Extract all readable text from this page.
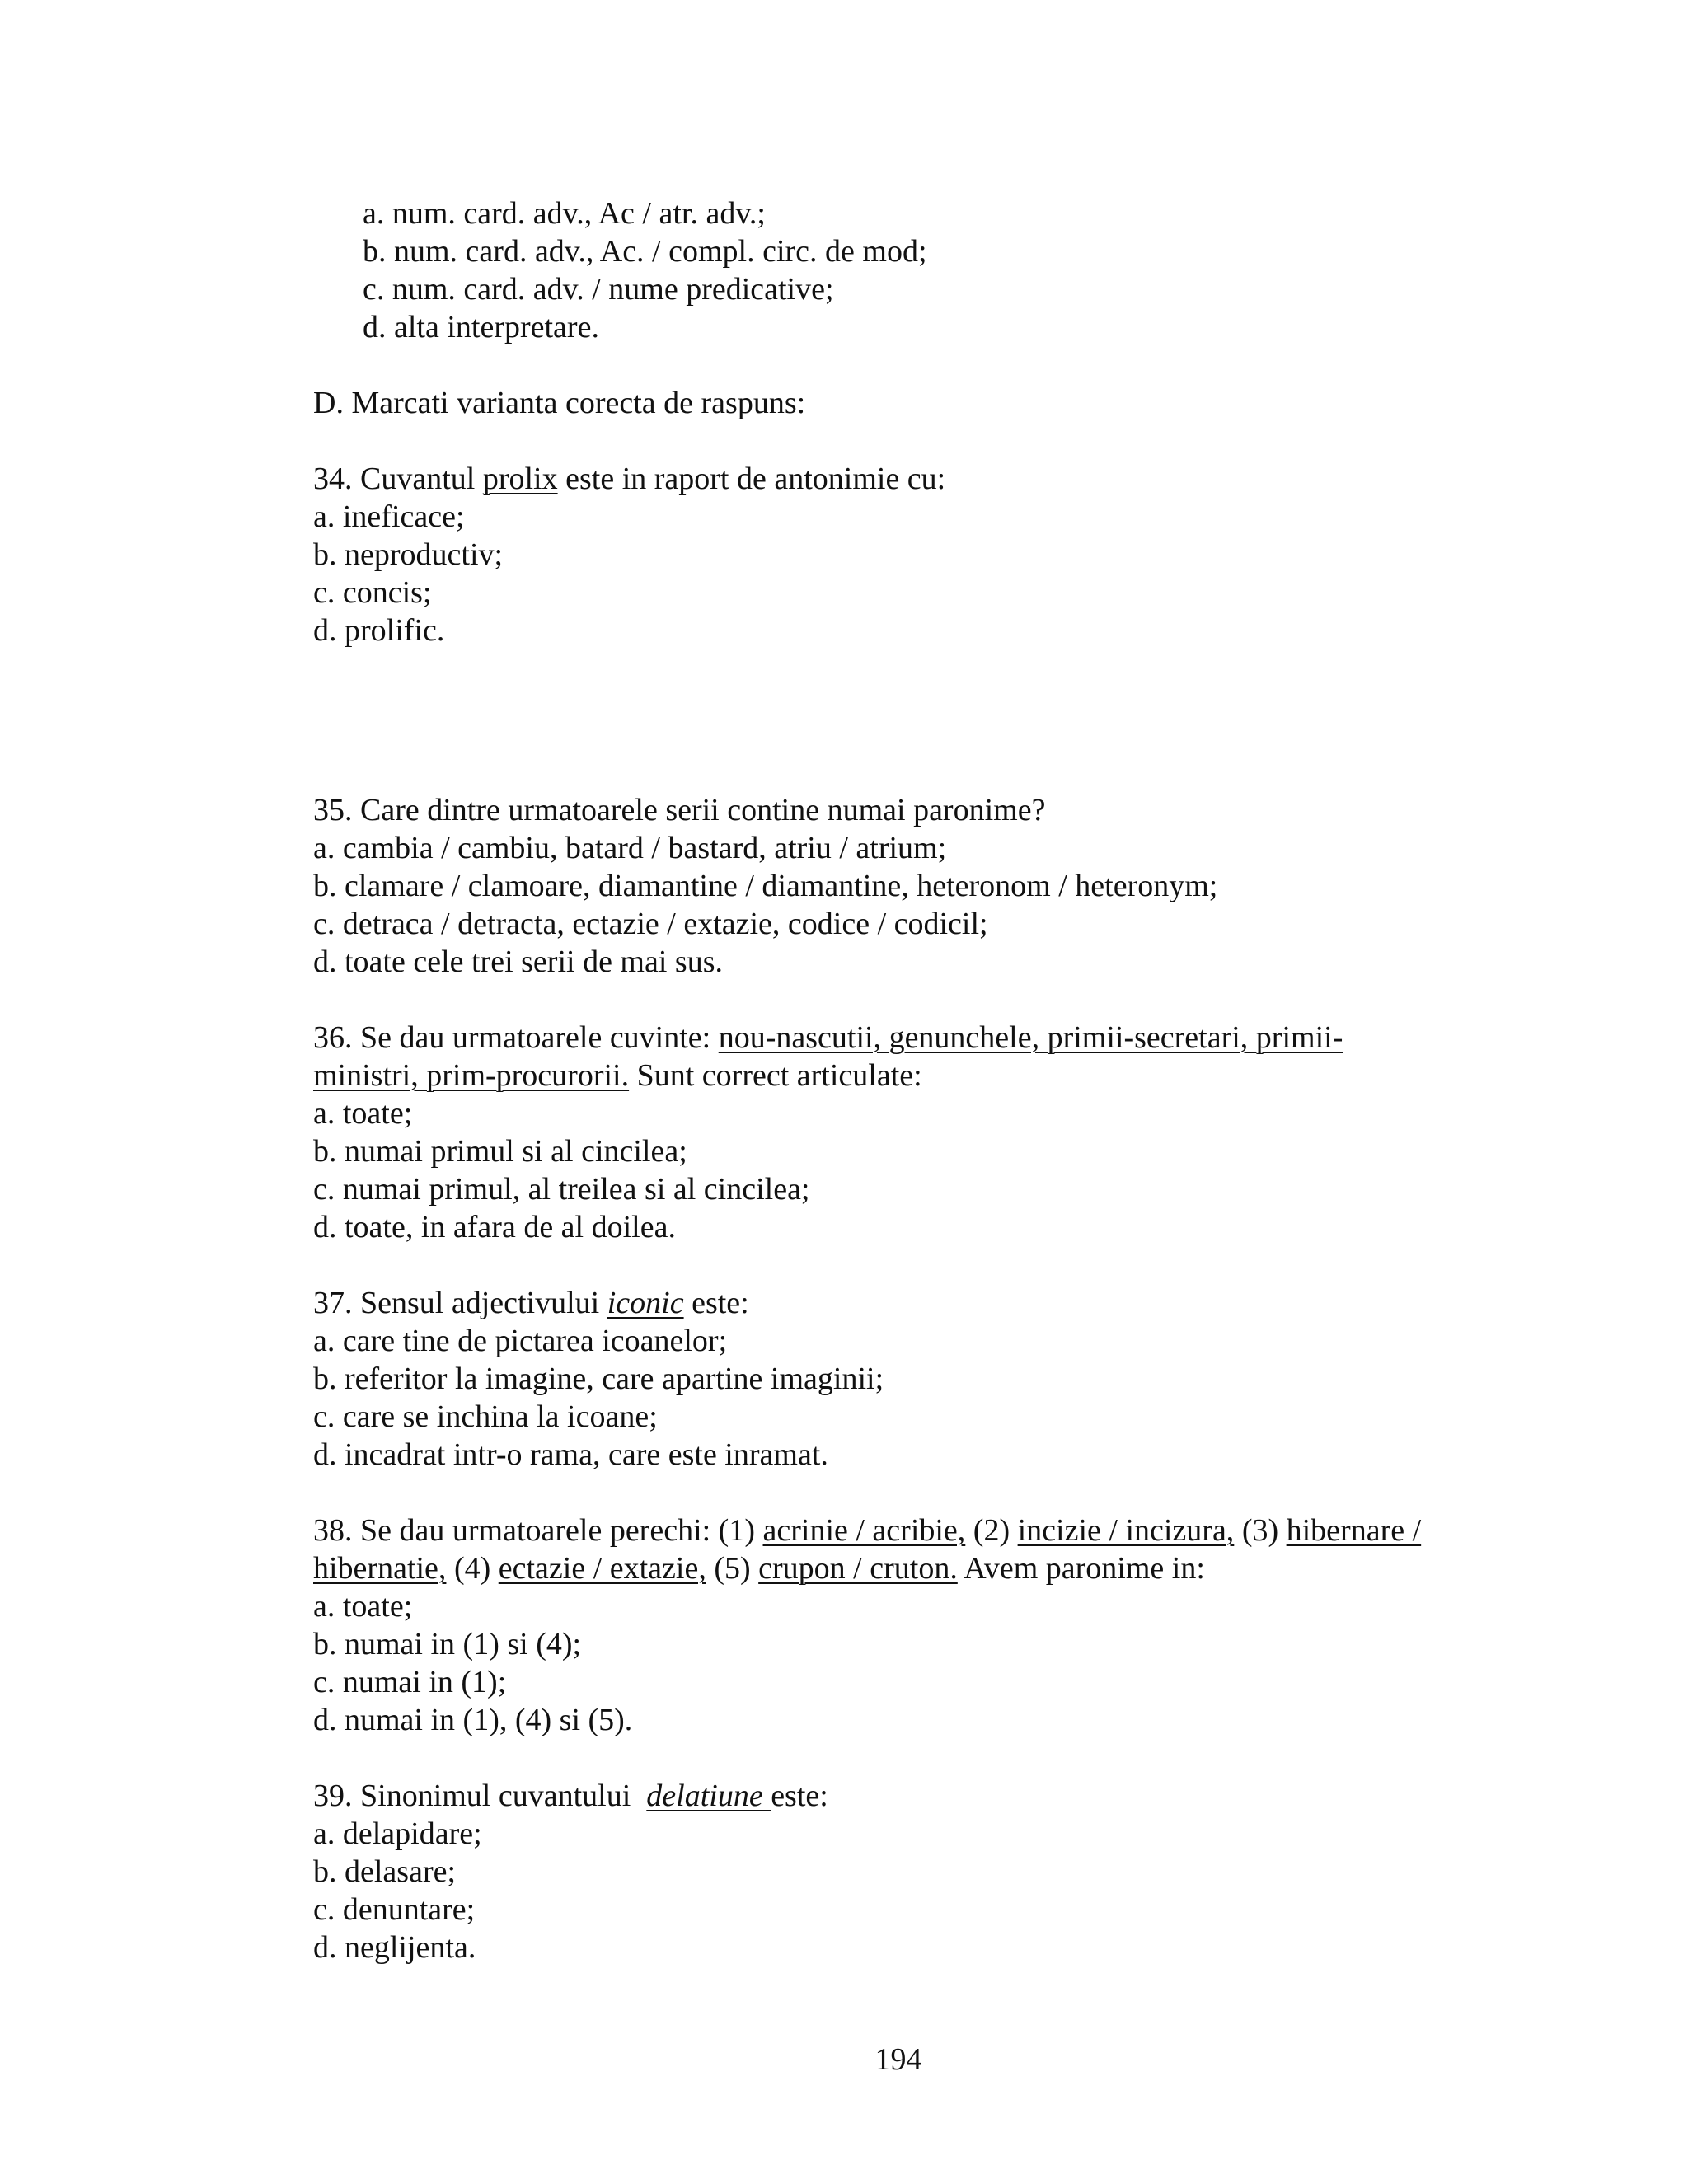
a. num. card. adv., Ac / atr. adv.;
b. num. card. adv., Ac. / compl. circ. de mod;
c. num. card. adv. / nume predicative;
d. alta interpretare.
D. Marcati varianta corecta de raspuns:
34. Cuvantul prolix este in raport de antonimie cu:
a. ineficace;
b. neproductiv;
c. concis;
d. prolific.
35. Care dintre urmatoarele serii contine numai paronime?
a. cambia / cambiu, batard / bastard, atriu / atrium;
b. clamare / clamoare, diamantine / diamantine, heteronom / heteronym;
c. detraca / detracta, ectazie / extazie, codice / codicil;
d. toate cele trei serii de mai sus.
36. Se dau urmatoarele cuvinte: nou-nascutii, genunchele, primii-secretari, primii-
ministri, prim-procurorii. Sunt correct articulate:
a. toate;
b. numai primul si al cincilea;
c. numai primul, al treilea si al cincilea;
d. toate, in afara de al doilea.
37. Sensul adjectivului iconic este:
a. care tine de pictarea icoanelor;
b. referitor la imagine, care apartine imaginii;
c. care se inchina la icoane;
d. incadrat intr-o rama, care este inramat.
38. Se dau urmatoarele perechi: (1) acrinie / acribie, (2) incizie / incizura, (3) hibernare /
hibernatie, (4) ectazie / extazie, (5) crupon / cruton. Avem paronime in:
a. toate;
b. numai in (1) si (4);
c. numai in (1);
d. numai in (1), (4) si (5).
39. Sinonimul cuvantului  delatiune este:
a. delapidare;
b. delasare;
c. denuntare;
d. neglijenta.
194
